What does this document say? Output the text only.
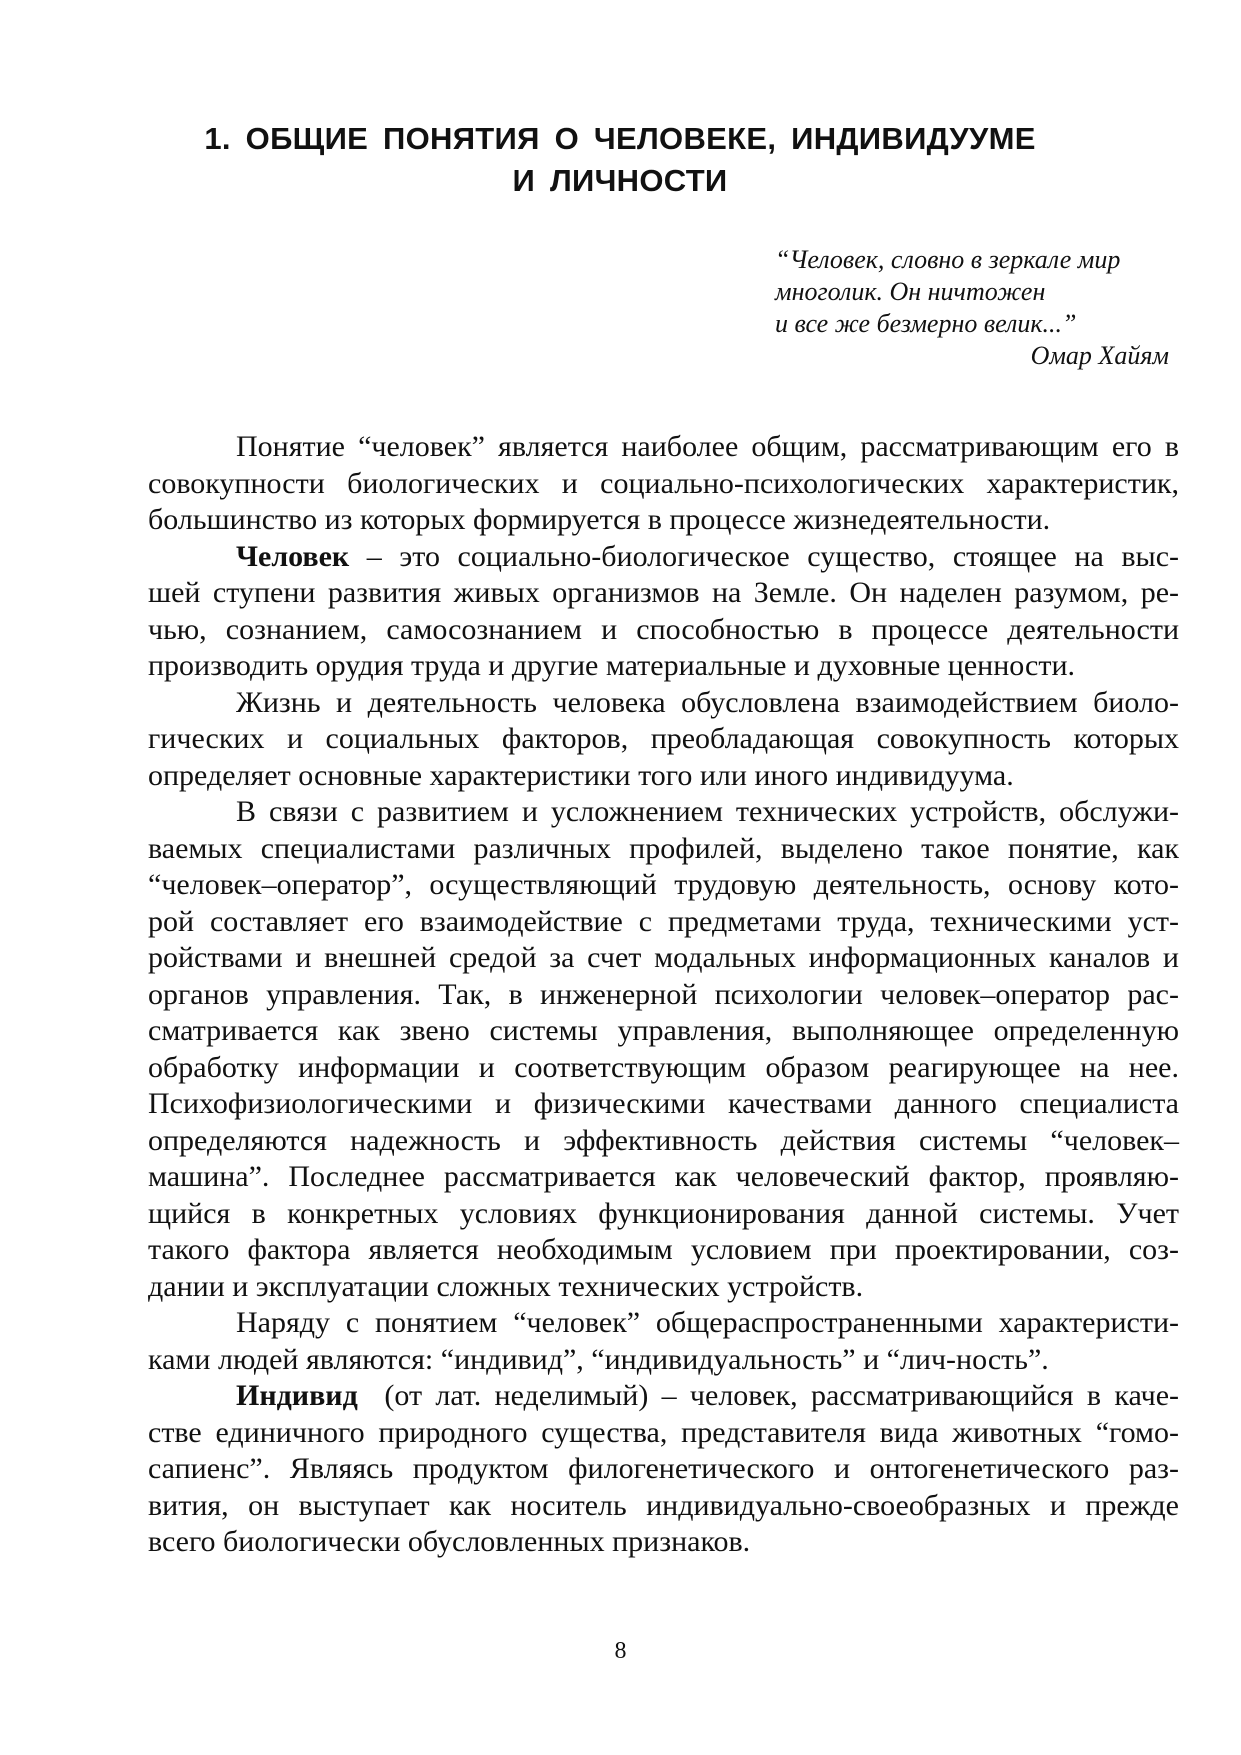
1. ОБЩИЕ ПОНЯТИЯ О ЧЕЛОВЕКЕ, ИНДИВИДУУМЕ
И ЛИЧНОСТИ
“Человек, словно в зеркале мир
многолик. Он ничтожен
и все же безмерно велик...”
Омар Хайям
Понятие “человек” является наиболее общим, рассматривающим его в
совокупности биологических и социально-психологических характеристик,
большинство из которых формируется в процессе жизнедеятельности.
Человек – это социально-биологическое существо, стоящее на выс-
шей ступени развития живых организмов на Земле. Он наделен разумом, ре-
чью, сознанием, самосознанием и способностью в процессе деятельности
производить орудия труда и другие материальные и духовные ценности.
Жизнь и деятельность человека обусловлена взаимодействием биоло-
гических и социальных факторов, преобладающая совокупность которых
определяет основные характеристики того или иного индивидуума.
В связи с развитием и усложнением технических устройств, обслужи-
ваемых специалистами различных профилей, выделено такое понятие, как
“человек–оператор”, осуществляющий трудовую деятельность, основу кото-
рой составляет его взаимодействие с предметами труда, техническими уст-
ройствами и внешней средой за счет модальных информационных каналов и
органов управления. Так, в инженерной психологии человек–оператор рас-
сматривается как звено системы управления, выполняющее определенную
обработку информации и соответствующим образом реагирующее на нее.
Психофизиологическими и физическими качествами данного специалиста
определяются надежность и эффективность действия системы “человек–
машина”. Последнее рассматривается как человеческий фактор, проявляю-
щийся в конкретных условиях функционирования данной системы. Учет
такого фактора является необходимым условием при проектировании, соз-
дании и эксплуатации сложных технических устройств.
Наряду с понятием “человек” общераспространенными характеристи-
ками людей являются: “индивид”, “индивидуальность” и “лич-ность”.
Индивид  (от лат. неделимый) – человек, рассматривающийся в каче-
стве единичного природного существа, представителя вида животных “гомо-
сапиенс”. Являясь продуктом филогенетического и онтогенетического раз-
вития, он выступает как носитель индивидуально-своеобразных и прежде
всего биологически обусловленных признаков.
8
